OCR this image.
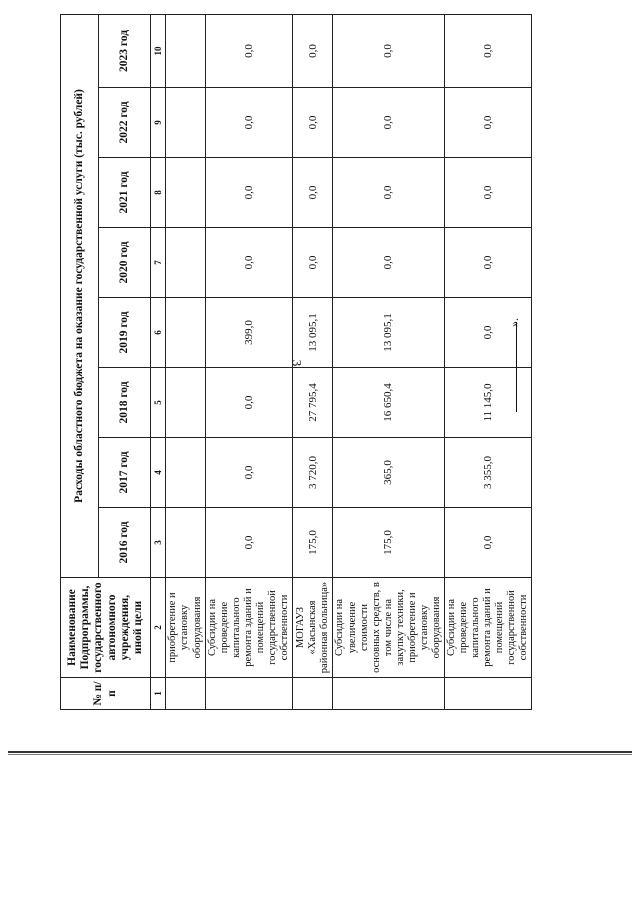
3
№ п/п	Наименование Подпрограммы, государственного автономного учреждения, иной цели	Расходы областного бюджета на оказание государственной услуги (тыс. рублей)							
		2016 год	2017 год	2018 год	2019 год	2020 год	2021 год	2022 год	2023 год
1	2	3	4	5	6	7	8	9	10
	приобретение и установку оборудования								
	Субсидии на проведение капитального ремонта зданий и помещений государственной собственности	0,0	0,0	0,0	399,0	0,0	0,0	0,0	0,0
	МОГАУЗ «Хасынская районная больница»	175,0	3 720,0	27 795,4	13 095,1	0,0	0,0	0,0	0,0
	Субсидии на увеличение стоимости основных средств, в том числе на закупку техники, приобретение и установку оборудования	175,0	365,0	16 650,4	13 095,1	0,0	0,0	0,0	0,0
	Субсидии на проведение капитального ремонта зданий и помещений государственной собственности	0,0	3 355,0	11 145,0	0,0	0,0	0,0	0,0	0,0
».
